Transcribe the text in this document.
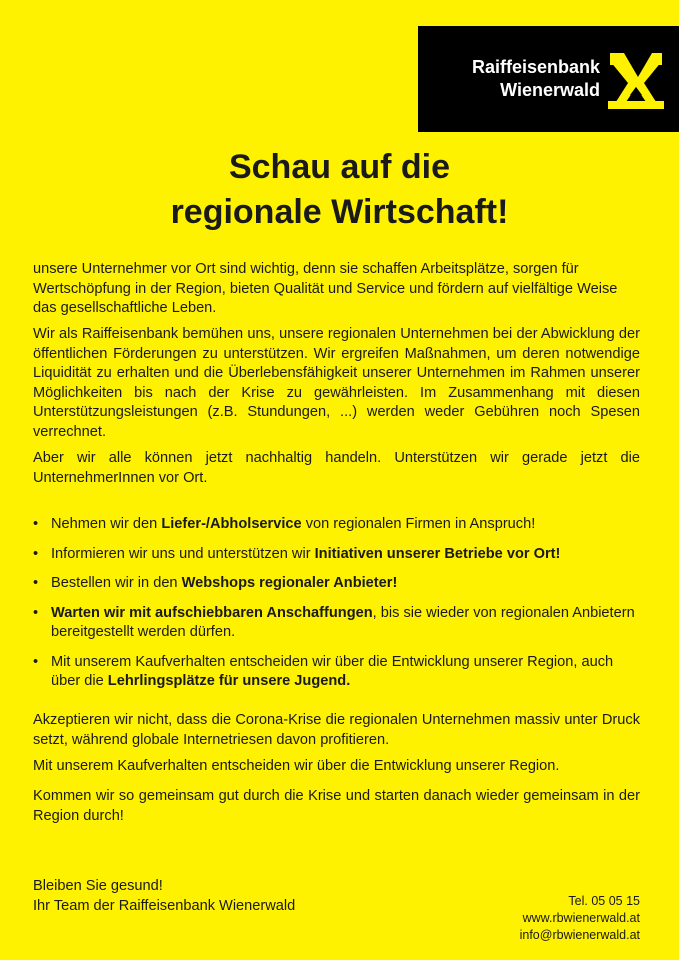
Raiffeisenbank
Wienerwald
Schau auf die
regionale Wirtschaft!
unsere Unternehmer vor Ort sind wichtig, denn sie schaffen Arbeitsplätze, sorgen für Wertschöpfung in der Region, bieten Qualität und Service und fördern auf vielfältige Weise das gesellschaftliche Leben.
Wir als Raiffeisenbank bemühen uns, unsere regionalen Unternehmen bei der Abwicklung der öffentlichen Förderungen zu unterstützen. Wir ergreifen Maßnahmen, um deren notwendige Liquidität zu erhalten und die Überlebensfähigkeit unserer Unternehmen im Rahmen unserer Möglichkeiten bis nach der Krise zu gewährleisten. Im Zusammenhang mit diesen Unterstützungsleistungen (z.B. Stundungen, ...) werden weder Gebühren noch Spesen verrechnet.
Aber wir alle können jetzt nachhaltig handeln. Unterstützen wir gerade jetzt die UnternehmerInnen vor Ort.
• Nehmen wir den Liefer-/Abholservice von regionalen Firmen in Anspruch!
• Informieren wir uns und unterstützen wir Initiativen unserer Betriebe vor Ort!
• Bestellen wir in den Webshops regionaler Anbieter!
• Warten wir mit aufschiebbaren Anschaffungen, bis sie wieder von regionalen Anbietern bereitgestellt werden dürfen.
• Mit unserem Kaufverhalten entscheiden wir über die Entwicklung unserer Region, auch über die Lehrlingsplätze für unsere Jugend.
Akzeptieren wir nicht, dass die Corona-Krise die regionalen Unternehmen massiv unter Druck setzt, während globale Internetriesen davon profitieren.
Mit unserem Kaufverhalten entscheiden wir über die Entwicklung unserer Region.
Kommen wir so gemeinsam gut durch die Krise und starten danach wieder gemeinsam in der Region durch!
Bleiben Sie gesund!
Ihr Team der Raiffeisenbank Wienerwald	Tel. 05 05 15
www.rbwienerwald.at
info@rbwienerwald.at
